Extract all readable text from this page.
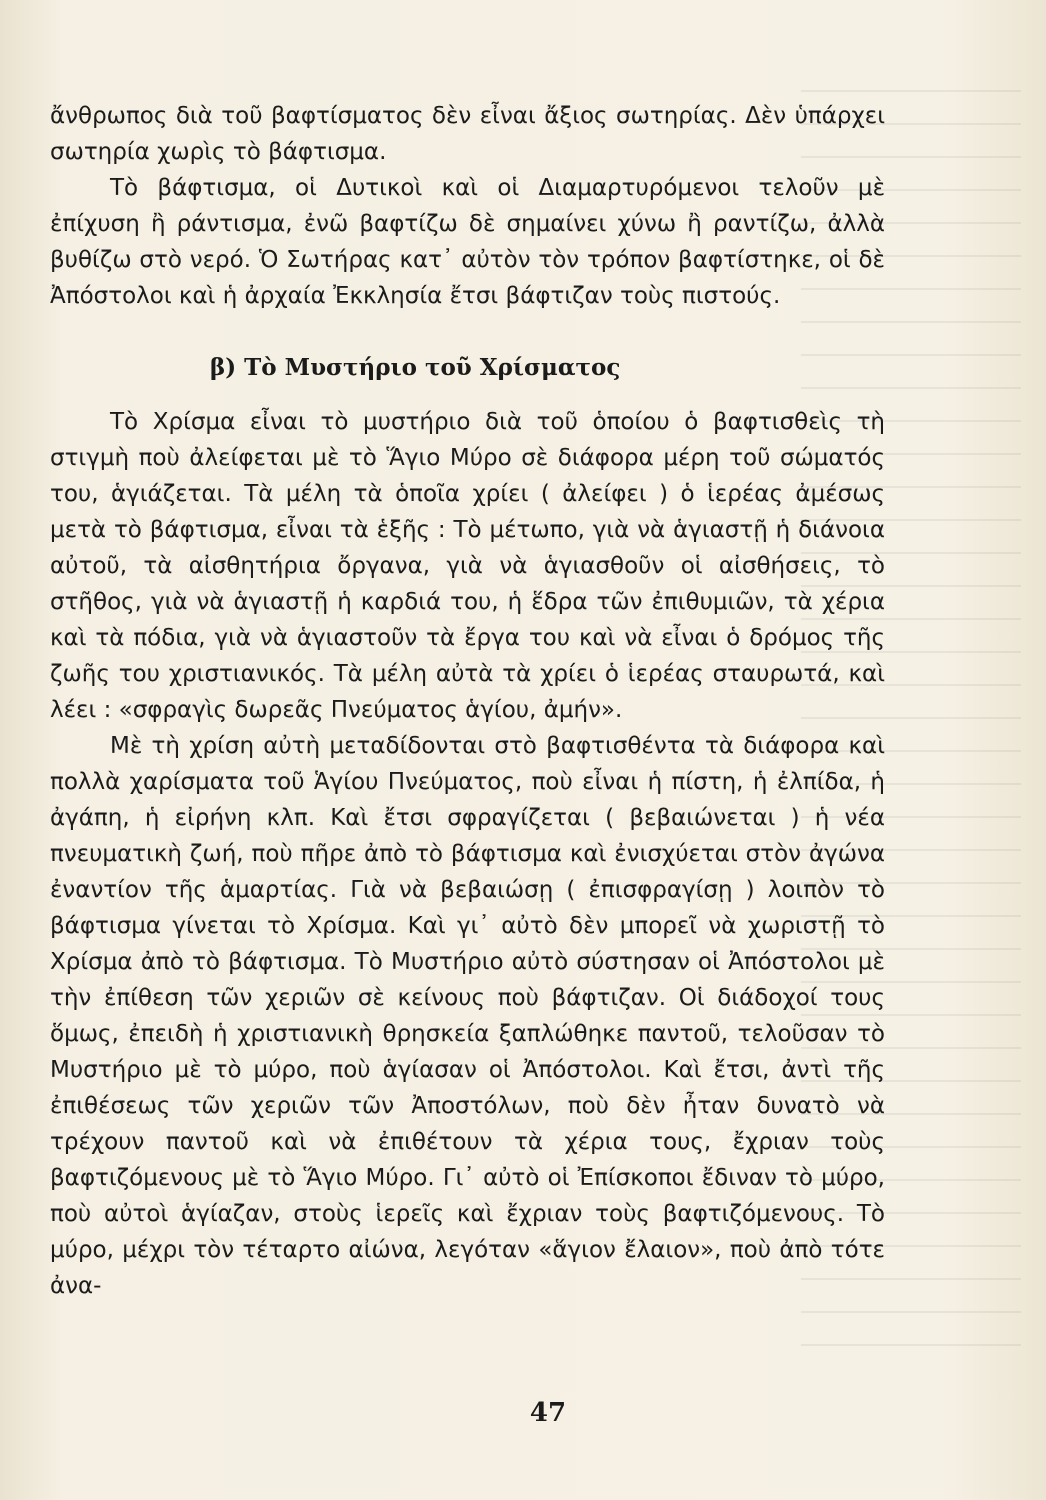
ἄνθρωπος διὰ τοῦ βαφτίσματος δὲν εἶναι ἄξιος σωτηρίας. Δὲν ὑπάρχει σωτηρία χωρὶς τὸ βάφτισμα.

Τὸ βάφτισμα, οἱ Δυτικοὶ καὶ οἱ Διαμαρτυρόμενοι τελοῦν μὲ ἐπίχυση ἢ ράντισμα, ἐνῶ βαφτίζω δὲ σημαίνει χύνω ἢ ραντίζω, ἀλλὰ βυθίζω στὸ νερό. Ὁ Σωτήρας κατ᾿ αὐτὸν τὸν τρόπον βαφτίστηκε, οἱ δὲ Ἀπόστολοι καὶ ἡ ἀρχαία Ἐκκλησία ἔτσι βάφτιζαν τοὺς πιστούς.

β) Τὸ Μυστήριο τοῦ Χρίσματος

Τὸ Χρίσμα εἶναι τὸ μυστήριο διὰ τοῦ ὁποίου ὁ βαφτισθεὶς τὴ στιγμὴ ποὺ ἀλείφεται μὲ τὸ Ἅγιο Μύρο σὲ διάφορα μέρη τοῦ σώματός του, ἁγιάζεται. Τὰ μέλη τὰ ὁποῖα χρίει ( ἀλείφει ) ὁ ἱερέας ἀμέσως μετὰ τὸ βάφτισμα, εἶναι τὰ ἑξῆς : Τὸ μέτωπο, γιὰ νὰ ἁγιαστῇ ἡ διάνοια αὐτοῦ, τὰ αἰσθητήρια ὄργανα, γιὰ νὰ ἁγιασθοῦν οἱ αἰσθήσεις, τὸ στῆθος, γιὰ νὰ ἁγιαστῇ ἡ καρδιά του, ἡ ἕδρα τῶν ἐπιθυμιῶν, τὰ χέρια καὶ τὰ πόδια, γιὰ νὰ ἁγιαστοῦν τὰ ἔργα του καὶ νὰ εἶναι ὁ δρόμος τῆς ζωῆς του χριστιανικός. Τὰ μέλη αὐτὰ τὰ χρίει ὁ ἱερέας σταυρωτά, καὶ λέει : «σφραγὶς δωρεᾶς Πνεύματος ἁγίου, ἀμήν».

Μὲ τὴ χρίση αὐτὴ μεταδίδονται στὸ βαφτισθέντα τὰ διάφορα καὶ πολλὰ χαρίσματα τοῦ Ἁγίου Πνεύματος, ποὺ εἶναι ἡ πίστη, ἡ ἐλπίδα, ἡ ἀγάπη, ἡ εἰρήνη κλπ. Καὶ ἔτσι σφραγίζεται ( βεβαιώνεται ) ἡ νέα πνευματικὴ ζωή, ποὺ πῆρε ἀπὸ τὸ βάφτισμα καὶ ἐνισχύεται στὸν ἀγώνα ἐναντίον τῆς ἁμαρτίας. Γιὰ νὰ βεβαιώσῃ ( ἐπισφραγίσῃ ) λοιπὸν τὸ βάφτισμα γίνεται τὸ Χρίσμα. Καὶ γι᾿ αὐτὸ δὲν μπορεῖ νὰ χωριστῇ τὸ Χρίσμα ἀπὸ τὸ βάφτισμα. Τὸ Μυστήριο αὐτὸ σύστησαν οἱ Ἀπόστολοι μὲ τὴν ἐπίθεση τῶν χεριῶν σὲ κείνους ποὺ βάφτιζαν. Οἱ διάδοχοί τους ὅμως, ἐπειδὴ ἡ χριστιανικὴ θρησκεία ξαπλώθηκε παντοῦ, τελοῦσαν τὸ Μυστήριο μὲ τὸ μύρο, ποὺ ἁγίασαν οἱ Ἀπόστολοι. Καὶ ἔτσι, ἀντὶ τῆς ἐπιθέσεως τῶν χεριῶν τῶν Ἀποστόλων, ποὺ δὲν ἦταν δυνατὸ νὰ τρέχουν παντοῦ καὶ νὰ ἐπιθέτουν τὰ χέρια τους, ἔχριαν τοὺς βαφτιζόμενους μὲ τὸ Ἅγιο Μύρο. Γι᾿ αὐτὸ οἱ Ἐπίσκοποι ἔδιναν τὸ μύρο, ποὺ αὐτοὶ ἁγίαζαν, στοὺς ἱερεῖς καὶ ἔχριαν τοὺς βαφτιζόμενους. Τὸ μύρο, μέχρι τὸν τέταρτο αἰώνα, λεγόταν «ἅγιον ἔλαιον», ποὺ ἀπὸ τότε ἀνα-

47
